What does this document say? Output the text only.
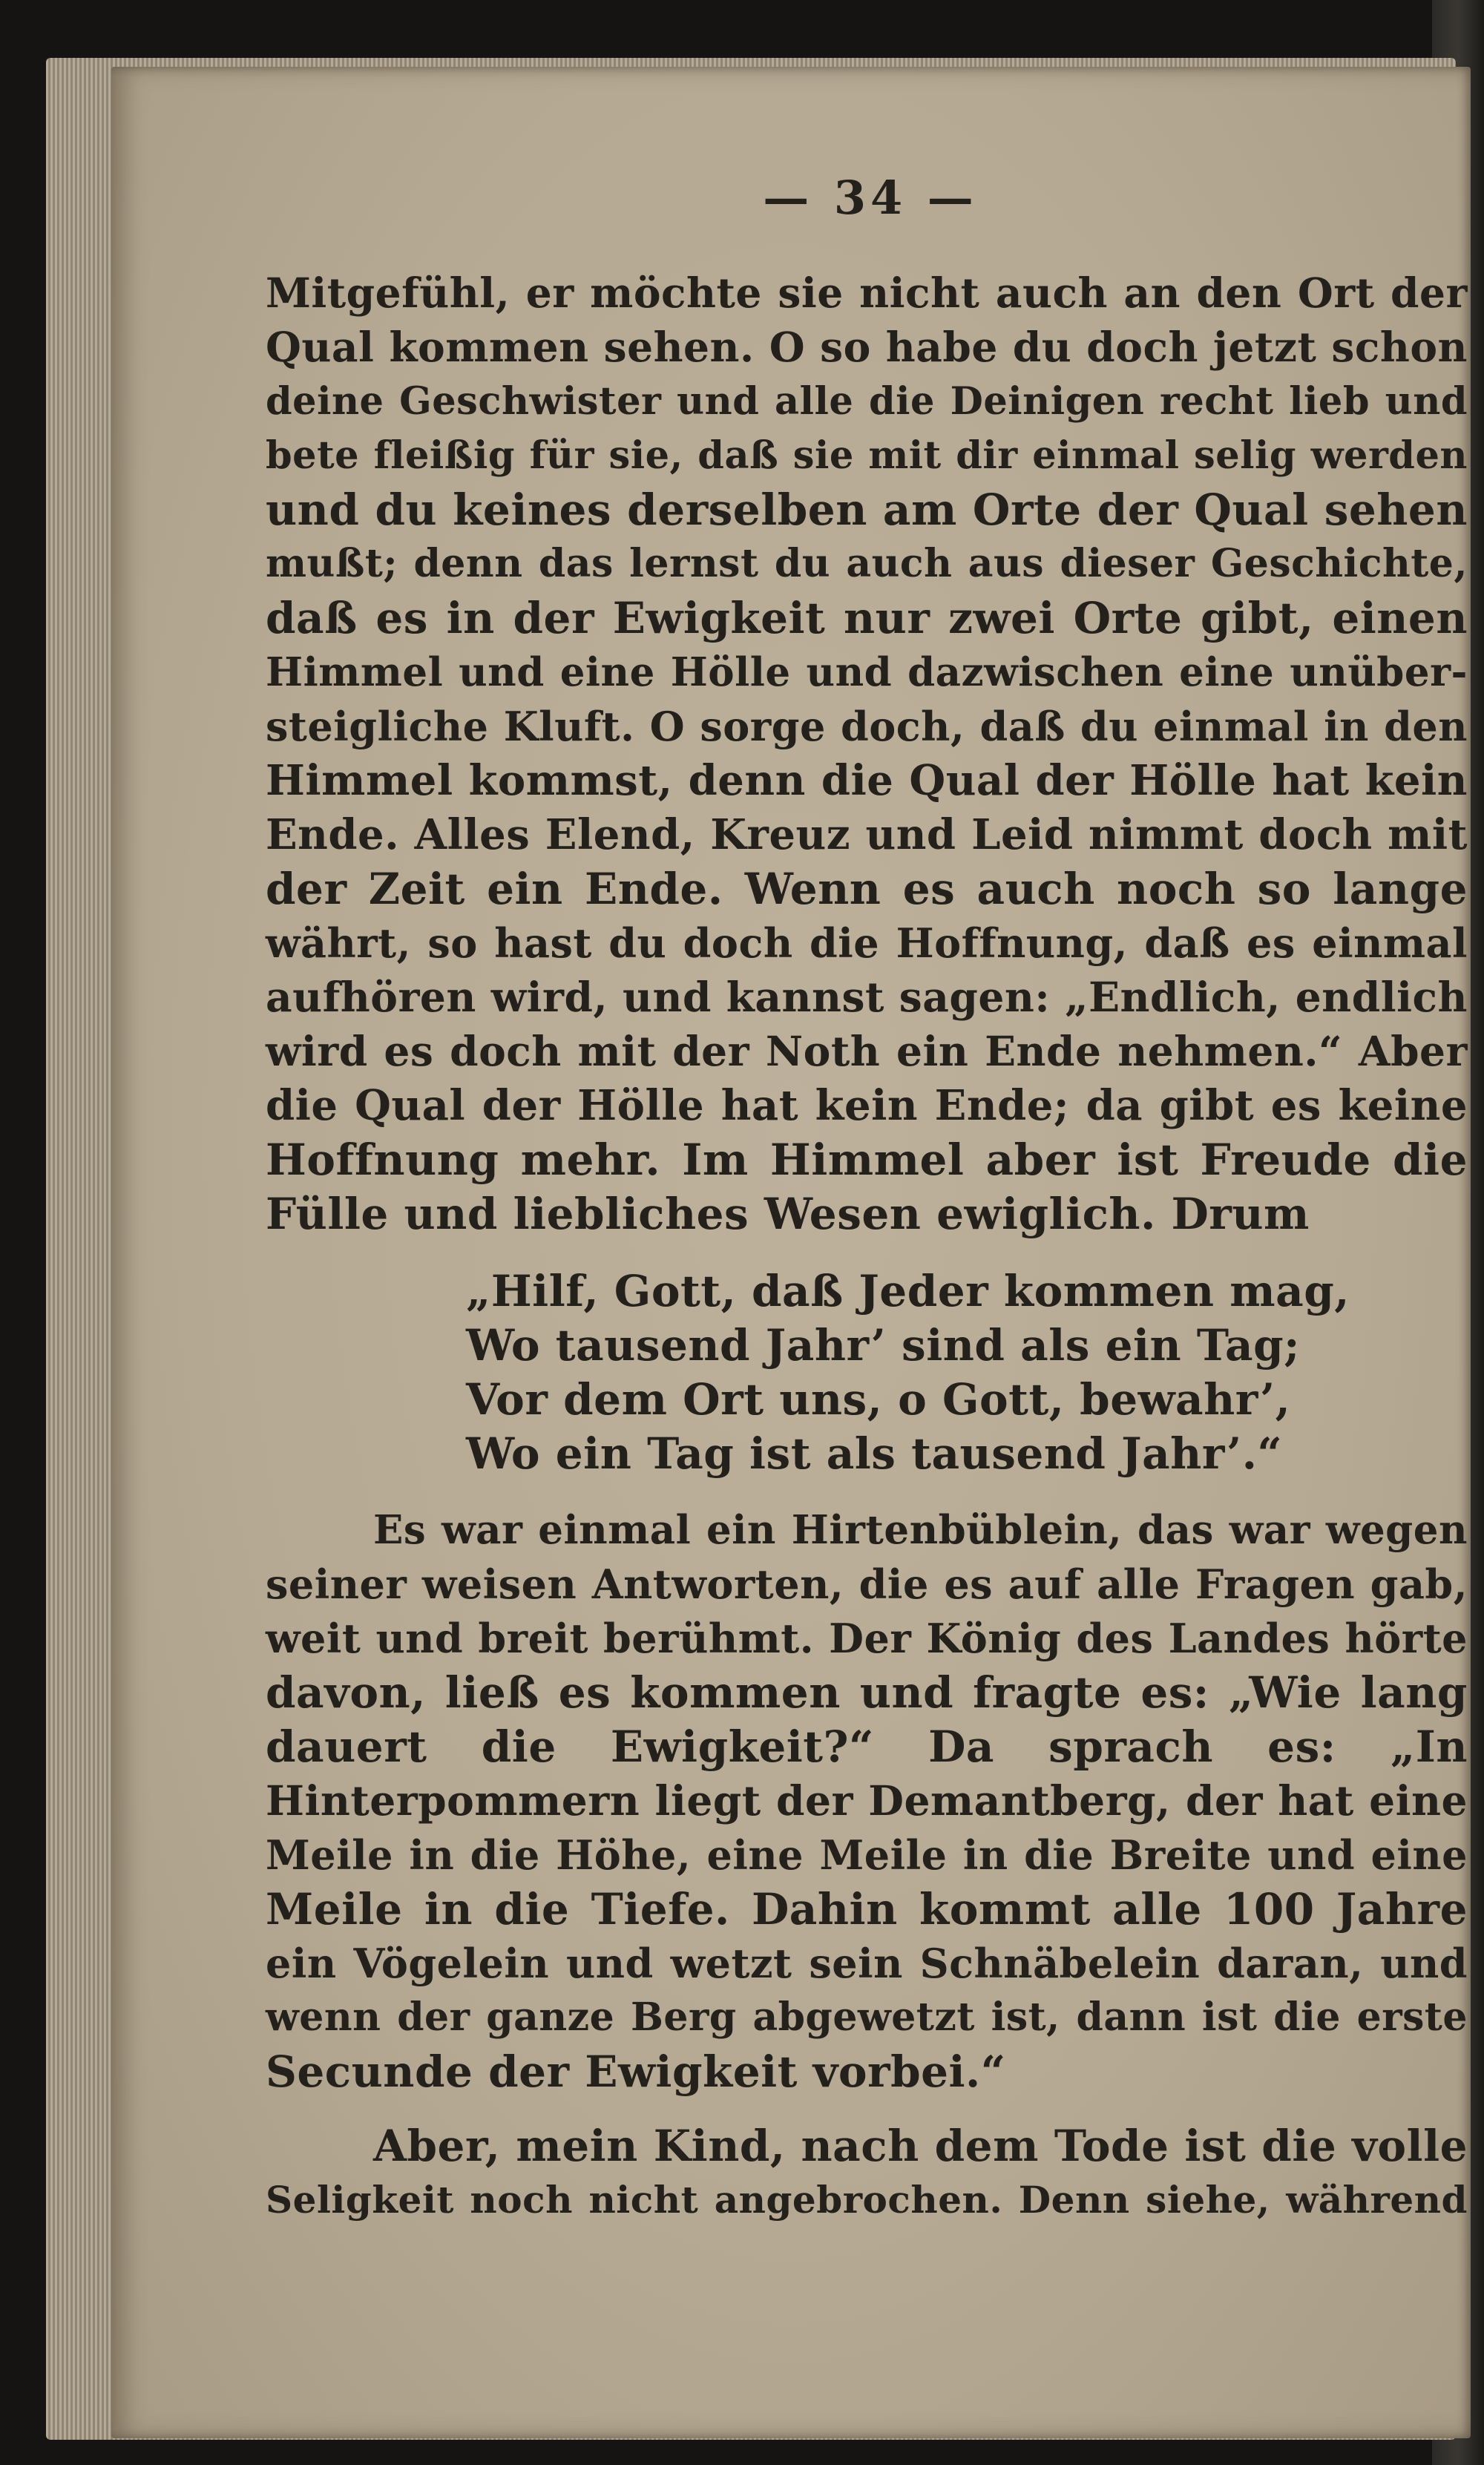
— 34 —
Mitgefühl, er möchte sie nicht auch an den Ort der
Qual kommen sehen. O so habe du doch jetzt schon
deine Geschwister und alle die Deinigen recht lieb und
bete fleißig für sie, daß sie mit dir einmal selig werden
und du keines derselben am Orte der Qual sehen
mußt; denn das lernst du auch aus dieser Geschichte,
daß es in der Ewigkeit nur zwei Orte gibt, einen
Himmel und eine Hölle und dazwischen eine unüber-
steigliche Kluft. O sorge doch, daß du einmal in den
Himmel kommst, denn die Qual der Hölle hat kein
Ende. Alles Elend, Kreuz und Leid nimmt doch mit
der Zeit ein Ende. Wenn es auch noch so lange
währt, so hast du doch die Hoffnung, daß es einmal
aufhören wird, und kannst sagen: „Endlich, endlich
wird es doch mit der Noth ein Ende nehmen.“ Aber
die Qual der Hölle hat kein Ende; da gibt es keine
Hoffnung mehr. Im Himmel aber ist Freude die
Fülle und liebliches Wesen ewiglich. Drum
„Hilf, Gott, daß Jeder kommen mag,
Wo tausend Jahr’ sind als ein Tag;
Vor dem Ort uns, o Gott, bewahr’,
Wo ein Tag ist als tausend Jahr’.“
Es war einmal ein Hirtenbüblein, das war wegen
seiner weisen Antworten, die es auf alle Fragen gab,
weit und breit berühmt. Der König des Landes hörte
davon, ließ es kommen und fragte es: „Wie lang
dauert die Ewigkeit?“ Da sprach es: „In
Hinterpommern liegt der Demantberg, der hat eine
Meile in die Höhe, eine Meile in die Breite und eine
Meile in die Tiefe. Dahin kommt alle 100 Jahre
ein Vögelein und wetzt sein Schnäbelein daran, und
wenn der ganze Berg abgewetzt ist, dann ist die erste
Secunde der Ewigkeit vorbei.“
Aber, mein Kind, nach dem Tode ist die volle
Seligkeit noch nicht angebrochen. Denn siehe, während
